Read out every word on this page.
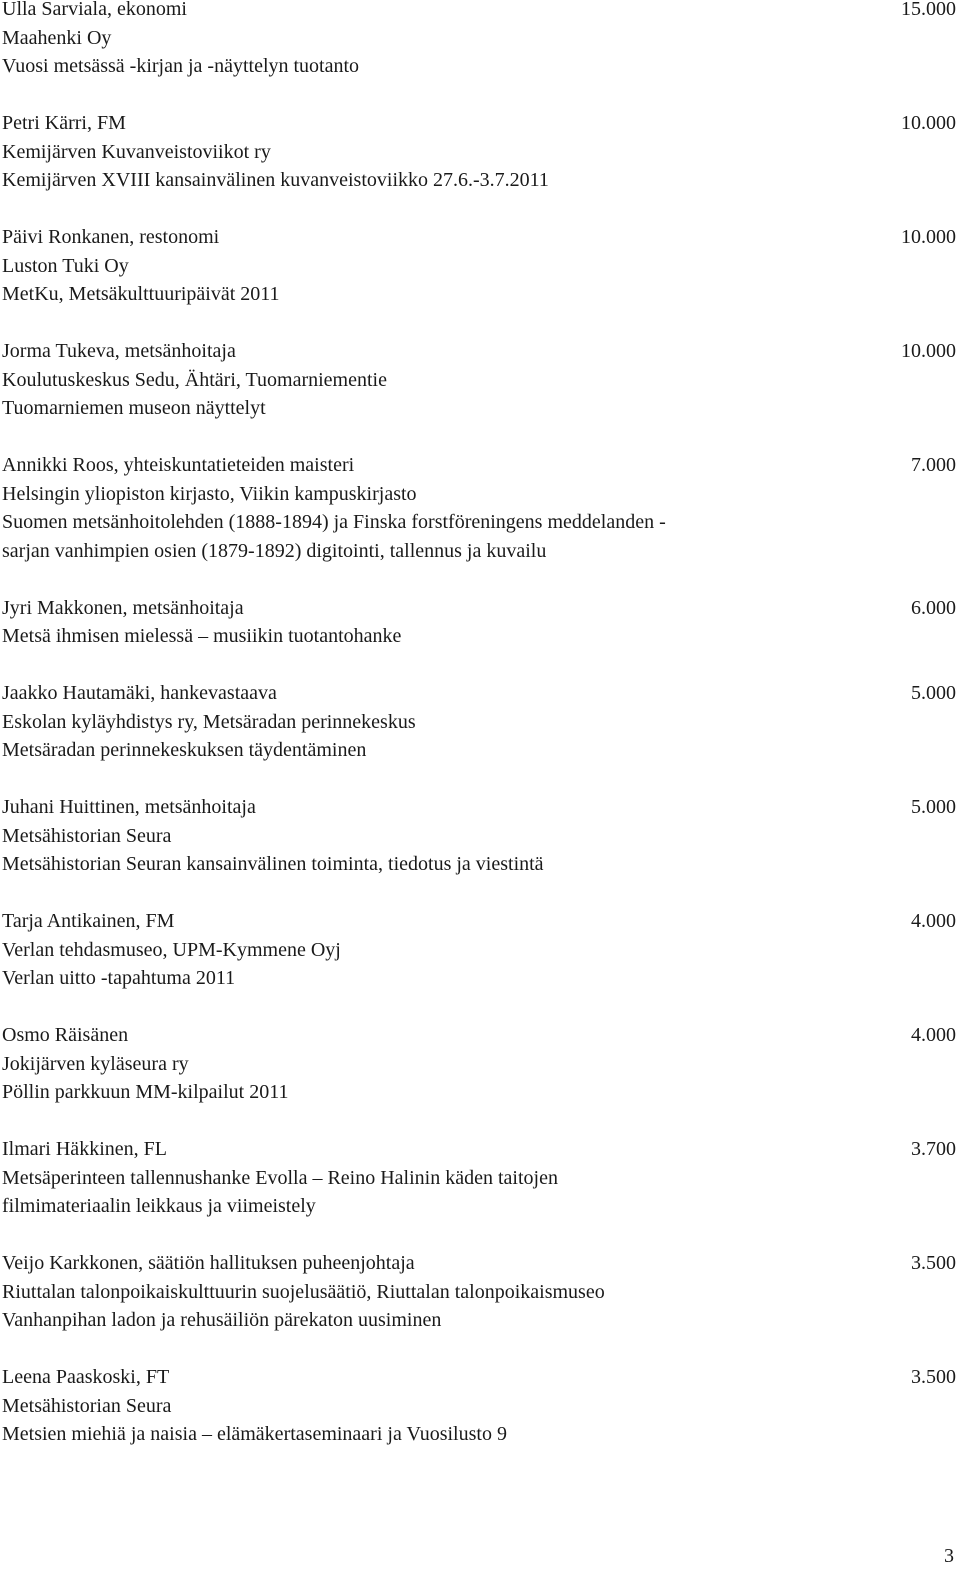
Ulla Sarviala, ekonomi	15.000
Maahenki Oy
Vuosi metsässä -kirjan ja -näyttelyn tuotanto
Petri Kärri, FM	10.000
Kemijärven Kuvanveistoviikot ry
Kemijärven XVIII kansainvälinen kuvanveistoviikko 27.6.-3.7.2011
Päivi Ronkanen, restonomi	10.000
Luston Tuki Oy
MetKu, Metsäkulttuuripäivät 2011
Jorma Tukeva, metsänhoitaja	10.000
Koulutuskeskus Sedu, Ähtäri, Tuomarniementie
Tuomarniemen museon näyttelyt
Annikki Roos, yhteiskuntatieteiden maisteri	7.000
Helsingin yliopiston kirjasto, Viikin kampuskirjasto
Suomen metsänhoitolehden (1888-1894) ja Finska forstföreningens meddelanden -
sarjan vanhimpien osien (1879-1892) digitointi, tallennus ja kuvailu
Jyri Makkonen, metsänhoitaja	6.000
Metsä ihmisen mielessä – musiikin tuotantohanke
Jaakko Hautamäki, hankevastaava	5.000
Eskolan kyläyhdistys ry, Metsäradan perinnekeskus
Metsäradan perinnekeskuksen täydentäminen
Juhani Huittinen, metsänhoitaja	5.000
Metsähistorian Seura
Metsähistorian Seuran kansainvälinen toiminta, tiedotus ja viestintä
Tarja Antikainen, FM	4.000
Verlan tehdasmuseo, UPM-Kymmene Oyj
Verlan uitto -tapahtuma 2011
Osmo Räisänen	4.000
Jokijärven kyläseura ry
Pöllin parkkuun MM-kilpailut 2011
Ilmari Häkkinen, FL	3.700
Metsäperinteen tallennushanke Evolla – Reino Halinin käden taitojen
filmimateriaalin leikkaus ja viimeistely
Veijo Karkkonen, säätiön hallituksen puheenjohtaja	3.500
Riuttalan talonpoikaiskulttuurin suojelusäätiö, Riuttalan talonpoikaismuseo
Vanhanpihan ladon ja rehusäiliön pärekaton uusiminen
Leena Paaskoski, FT	3.500
Metsähistorian Seura
Metsien miehiä ja naisia – elämäkertaseminaari ja Vuosilusto 9
3
